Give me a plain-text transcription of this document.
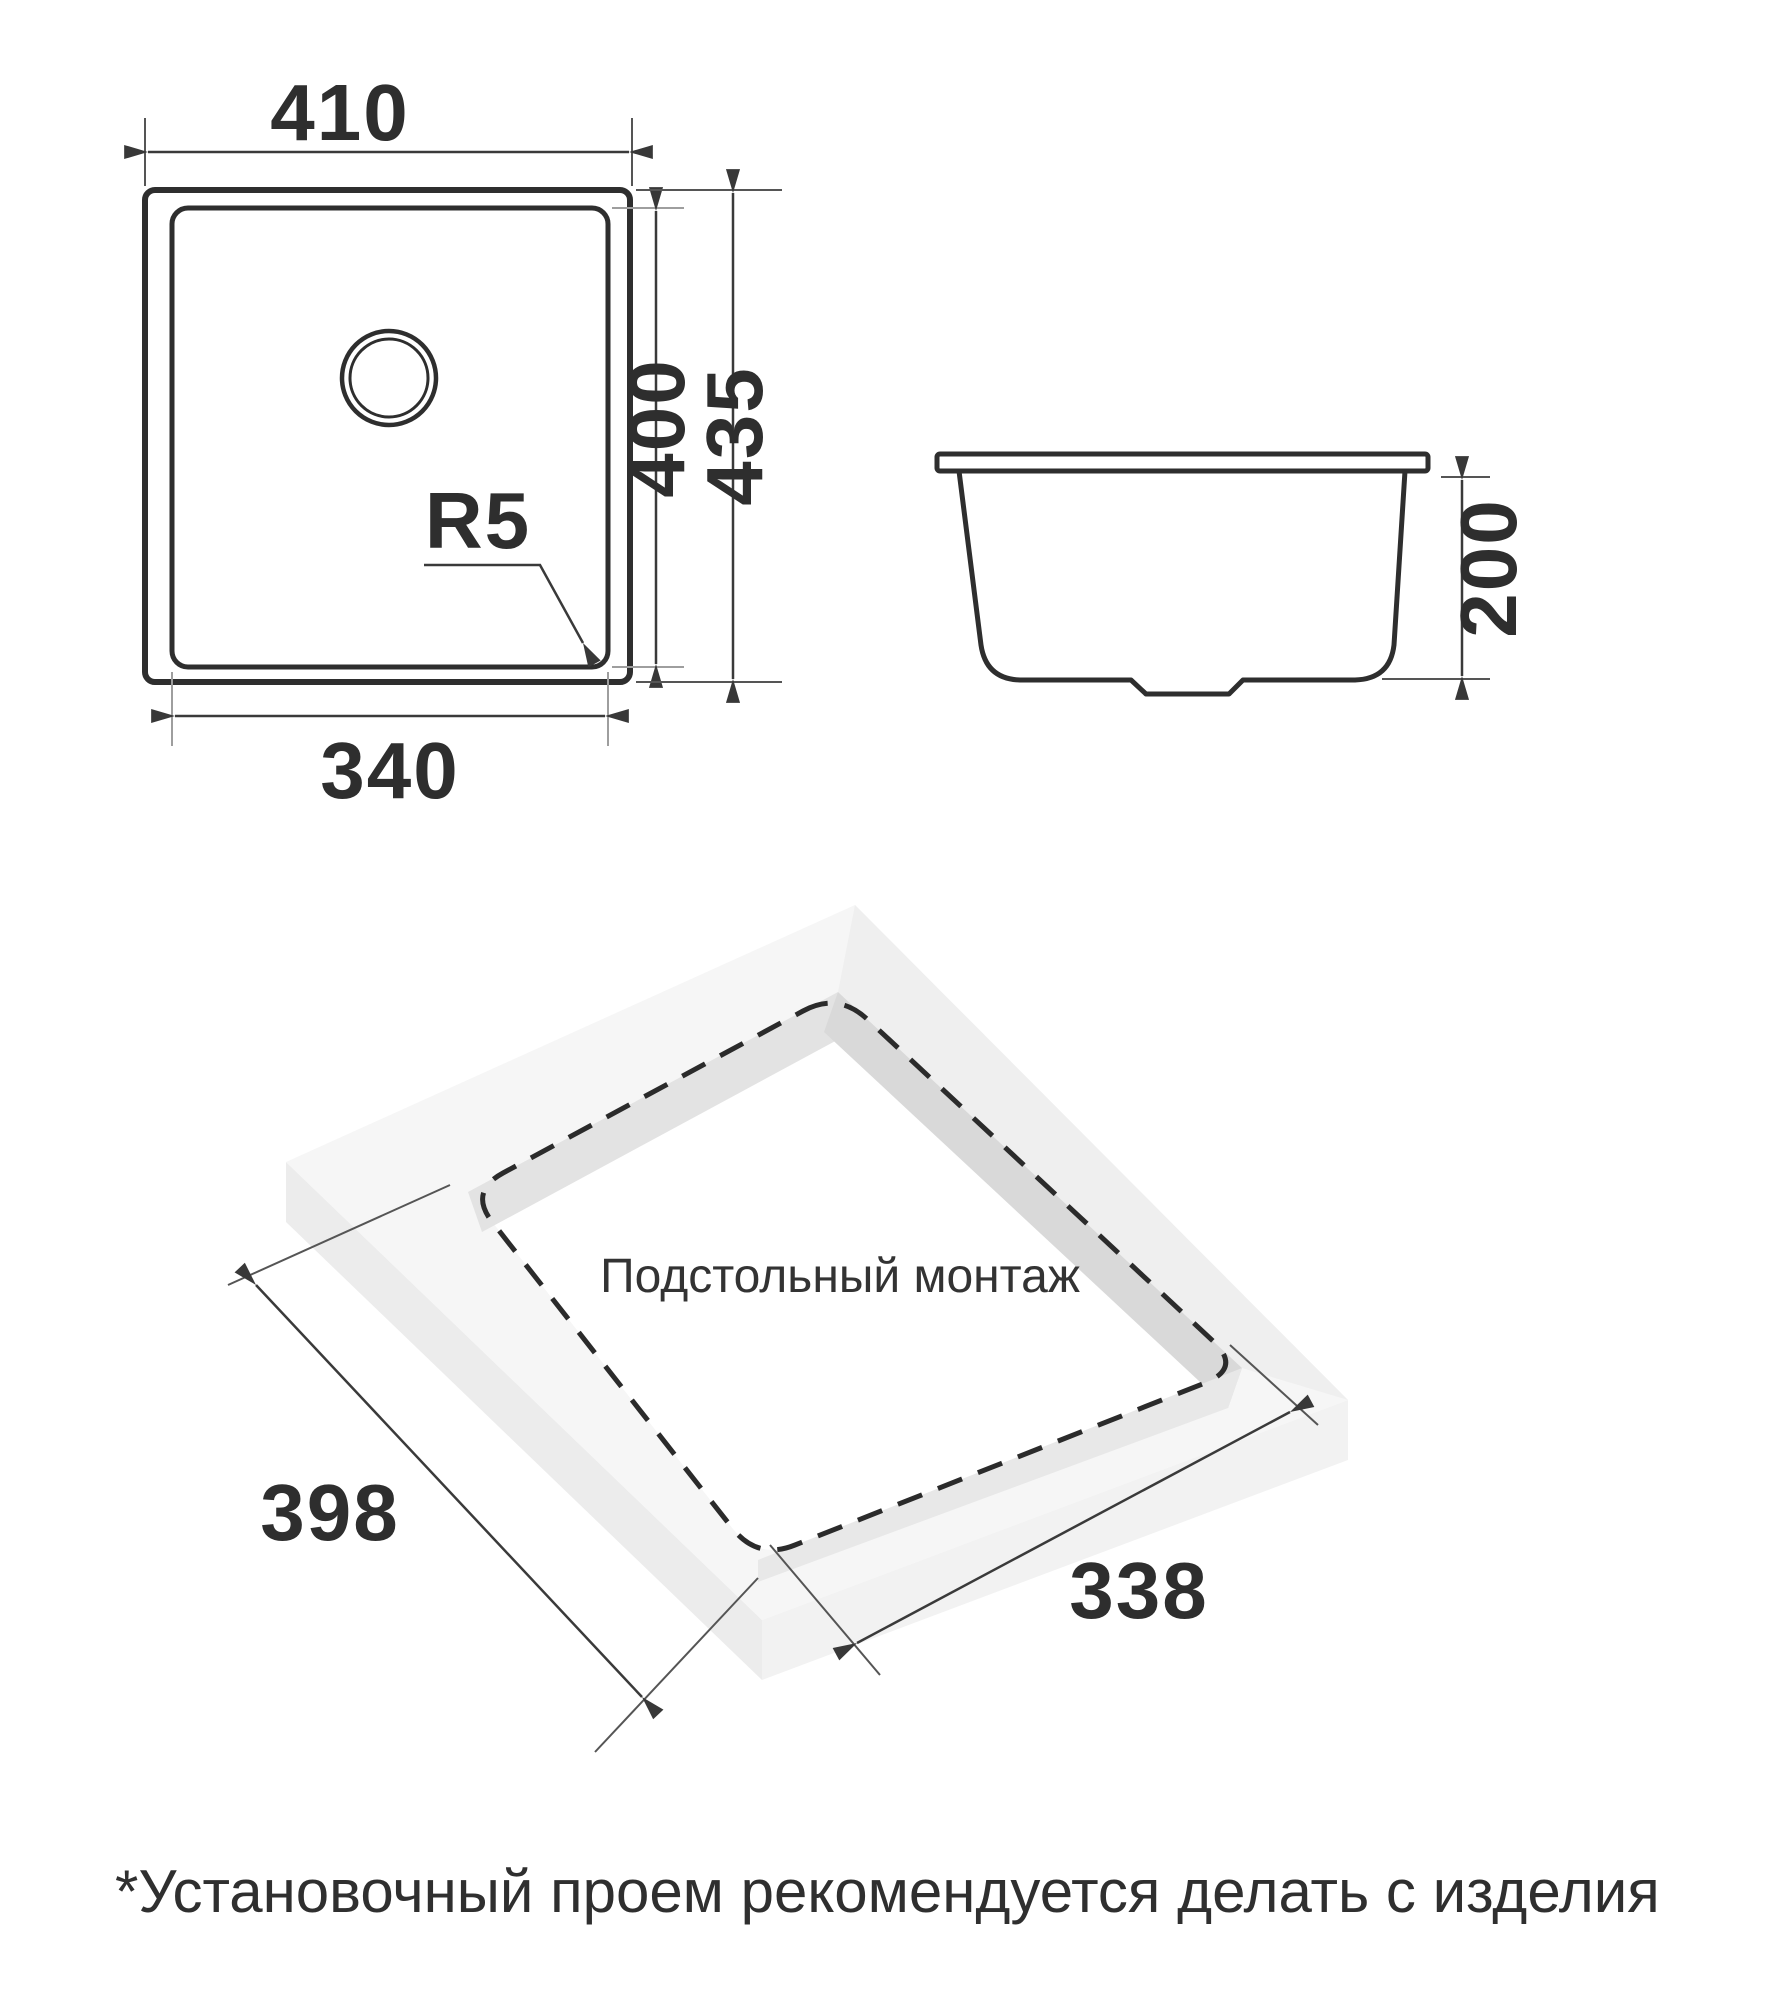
410
400
435
340
R5	200
Подстольный монтаж
398
338
*Установочный проем рекомендуется делать с изделия
